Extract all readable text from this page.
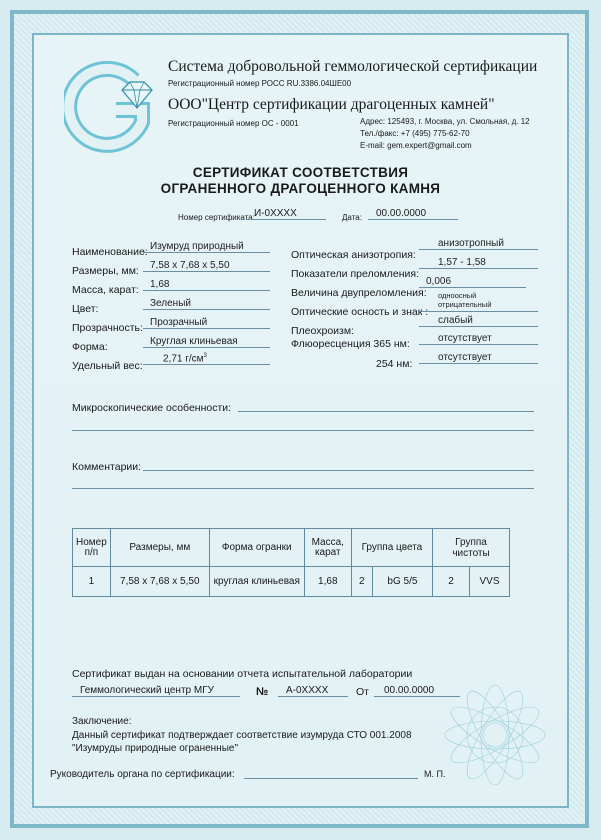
Система добровольной геммологической сертификации
Регистрационный номер РОСС RU.3386.04ШЕ00
ООО"Центр сертификации драгоценных камней"
Регистрационный номер ОС - 0001	Адрес: 125493, г. Москва, ул. Смольная, д. 12
Тел./факс: +7 (495) 775-62-70
E-mail: gem.expert@gmail.com
СЕРТИФИКАТ СООТВЕТСТВИЯ
ОГРАНЕННОГО ДРАГОЦЕННОГО КАМНЯ
Номер сертификата: И-0XXXX	Дата:	00.00.0000
Наименование: Изумруд природный
Размеры, мм:	7,58 x 7,68 x 5,50
Масса, карат:	1,68
Цвет:	Зеленый
Прозрачность: Прозрачный
Форма:	Круглая клиньевая
Удельный вес:
2,71 $г/см^3$
Оптическая анизотропия:
анизотропный
Показатели преломления:
1,57 - 1,58
Величина двупреломления:
0,006
Оптические осность и знак :
одноосный
отрицательный
Плеохроизм:
слабый
Флюоресценция 365 нм:	отсутствует
254 нм:
отсутствует
Микроскопические особенности:
Комментарии:
Номер п/п	Размеры, мм	Форма огранки	Масса, карат	Группа цвета		Группа чистоты	
1	7,58 x 7,68 x 5,50	круглая клиньевая	1,68	2	bG 5/5	2	VVS
Сертификат выдан на основании отчета испытательной лаборатории
Геммологический центр МГУ	№	А-0XXXX	От	00.00.0000
Заключение:
Данный сертификат подтверждает соответствие изумруда СТО 001.2008
"Изумруды природные ограненные"
Руководитель органа по сертификации:	М. П.
